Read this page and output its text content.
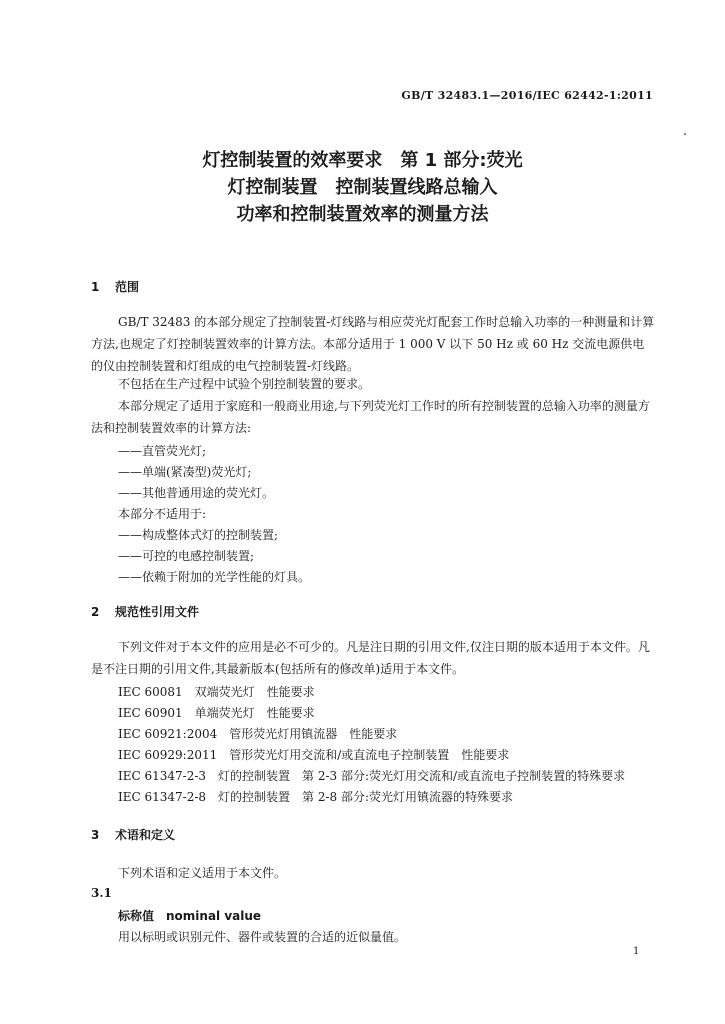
GB/T 32483.1—2016/IEC 62442-1:2011
灯控制装置的效率要求　第 1 部分:荧光
灯控制装置　控制装置线路总输入
功率和控制装置效率的测量方法
1 范围
GB/T 32483 的本部分规定了控制装置-灯线路与相应荧光灯配套工作时总输入功率的一种测量和计算方法,也规定了灯控制装置效率的计算方法。本部分适用于 1 000 V 以下 50 Hz 或 60 Hz 交流电源供电的仪由控制装置和灯组成的电气控制装置-灯线路。
不包括在生产过程中试验个别控制装置的要求。
本部分规定了适用于家庭和一般商业用途,与下列荧光灯工作时的所有控制装置的总输入功率的测量方法和控制装置效率的计算方法:
——直管荧光灯;
——单端(紧凑型)荧光灯;
——其他普通用途的荧光灯。
本部分不适用于:
——构成整体式灯的控制装置;
——可控的电感控制装置;
——依赖于附加的光学性能的灯具。
2 规范性引用文件
下列文件对于本文件的应用是必不可少的。凡是注日期的引用文件,仅注日期的版本适用于本文件。凡是不注日期的引用文件,其最新版本(包括所有的修改单)适用于本文件。
IEC 60081　双端荧光灯　性能要求
IEC 60901　单端荧光灯　性能要求
IEC 60921:2004　管形荧光灯用镇流器　性能要求
IEC 60929:2011　管形荧光灯用交流和/或直流电子控制装置　性能要求
IEC 61347-2-3　灯的控制装置　第 2-3 部分:荧光灯用交流和/或直流电子控制装置的特殊要求
IEC 61347-2-8　灯的控制装置　第 2-8 部分:荧光灯用镇流器的特殊要求
3 术语和定义
下列术语和定义适用于本文件。
3.1
标称值　nominal value
用以标明或识别元件、器件或装置的合适的近似量值。
1
